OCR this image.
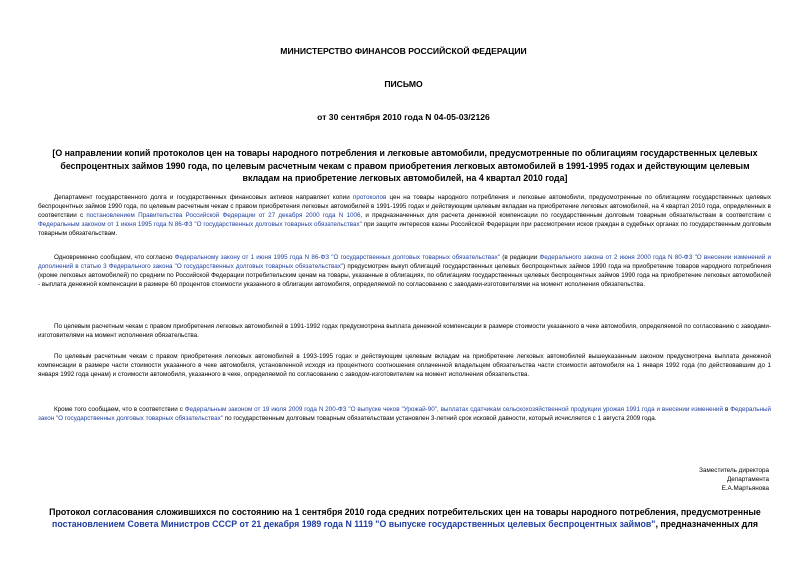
МИНИСТЕРСТВО ФИНАНСОВ РОССИЙСКОЙ ФЕДЕРАЦИИ

ПИСЬМО

от 30 сентября 2010 года N 04-05-03/2126

[О направлении копий протоколов цен на товары народного потребления и легковые автомобили, предусмотренные по облигациям государственных целевых беспроцентных займов 1990 года, по целевым расчетным чекам с правом приобретения легковых автомобилей в 1991-1995 годах и действующим целевым вкладам на приобретение легковых автомобилей, на 4 квартал 2010 года]

Департамент государственного долга и государственных финансовых активов направляет копии протоколов цен на товары народного потребления и легковые автомобили, предусмотренные по облигациям государственных целевых беспроцентных займов 1990 года, по целевым расчетным чекам с правом приобретения легковых автомобилей в 1991-1995 годах и действующим целевым вкладам на приобретение легковых автомобилей, на 4 квартал 2010 года, определенных в соответствии с постановлением Правительства Российской Федерации от 27 декабря 2000 года N 1006, и предназначенных для расчета денежной компенсации по государственным долговым товарным обязательствам в соответствии с Федеральным законом от 1 июня 1995 года N 86-ФЗ "О государственных долговых товарных обязательствах" при защите интересов казны Российской Федерации при рассмотрении исков граждан в судебных органах по государственным долговым товарным обязательствам.

Одновременно сообщаем, что согласно Федеральному закону от 1 июня 1995 года N 86-ФЗ "О государственных долговых товарных обязательствах" (в редакции Федерального закона от 2 июня 2000 года N 80-ФЗ "О внесении изменений и дополнений в статью 3 Федерального закона "О государственных долговых товарных обязательствах") предусмотрен выкуп облигаций государственных целевых беспроцентных займов 1990 года на приобретение товаров народного потребления (кроме легковых автомобилей) по средним по Российской Федерации потребительским ценам на товары, указанные в облигациях, по облигациям государственных целевых беспроцентных займов 1990 года на приобретение легковых автомобилей - выплата денежной компенсации в размере 60 процентов стоимости указанного в облигации автомобиля, определяемой по согласованию с заводами-изготовителями на момент исполнения обязательства.

По целевым расчетным чекам с правом приобретения легковых автомобилей в 1991-1992 годах предусмотрена выплата денежной компенсации в размере стоимости указанного в чеке автомобиля, определяемой по согласованию с заводами-изготовителями на момент исполнения обязательства.

По целевым расчетным чекам с правом приобретения легковых автомобилей в 1993-1995 годах и действующим целевым вкладам на приобретение легковых автомобилей вышеуказанным законом предусмотрена выплата денежной компенсации в размере части стоимости указанного в чеке автомобиля, установленной исходя из процентного соотношения оплаченной владельцем обязательства части стоимости автомобиля на 1 января 1992 года (по действовавшим до 1 января 1992 года ценам) и стоимости автомобиля, указанного в чеке, определяемой по согласованию с заводом-изготовителем на момент исполнения обязательства.

Кроме того сообщаем, что в соответствии с Федеральным законом от 19 июля 2009 года N 200-ФЗ "О выпуске чеков "Урожай-90", выплатах сдатчикам сельскохозяйственной продукции урожая 1991 года и внесении изменений в Федеральный закон "О государственных долговых товарных обязательствах" по государственным долговым товарным обязательствам установлен 3-летний срок исковой давности, который исчисляется с 1 августа 2009 года.

Заместитель директора
Департамента
Е.А.Мартьянова

Протокол согласования сложившихся по состоянию на 1 сентября 2010 года средних потребительских цен на товары народного потребления, предусмотренные постановлением Совета Министров СССР от 21 декабря 1989 года N 1119 "О выпуске государственных целевых беспроцентных займов", предназначенных для
